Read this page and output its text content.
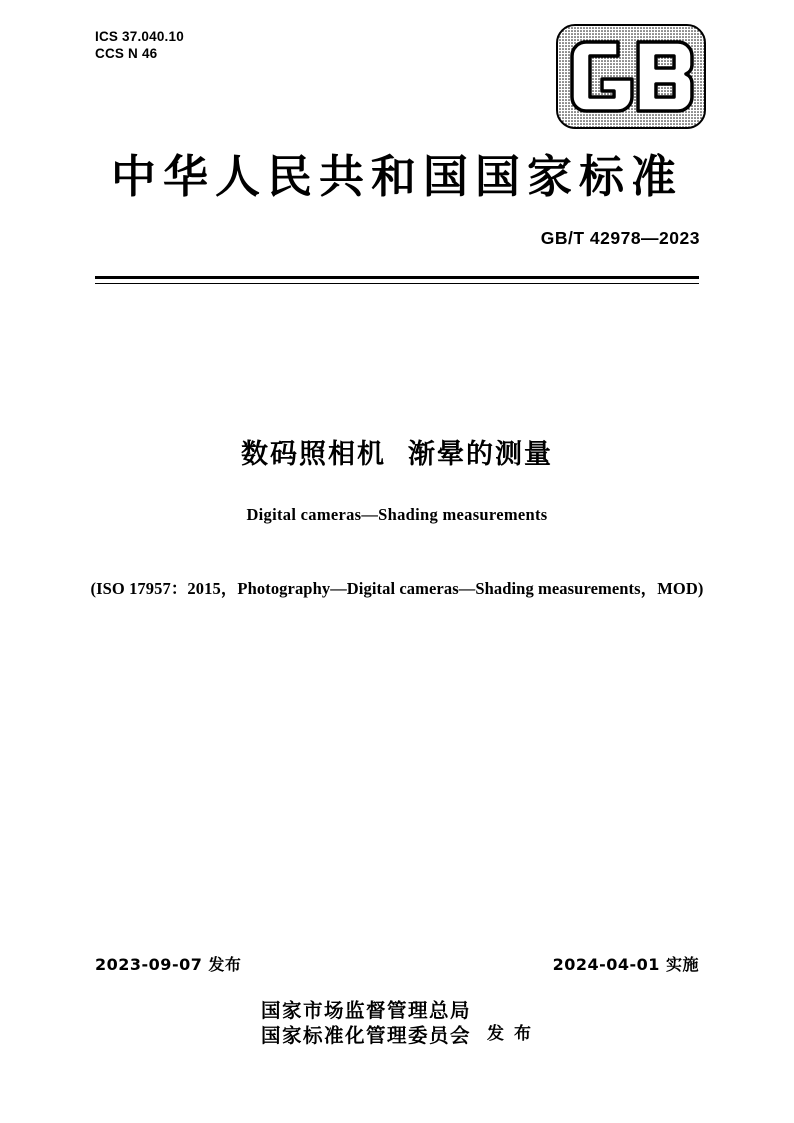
ICS 37.040.10
CCS N 46
中华人民共和国国家标准
GB/T 42978—2023
数码照相机 渐晕的测量
Digital cameras—Shading measurements
(ISO 17957：2015，Photography—Digital cameras—Shading measurements，MOD)
2023-09-07 发布	2024-04-01 实施
国家市场监督管理总局
国家标准化管理委员会 发 布
